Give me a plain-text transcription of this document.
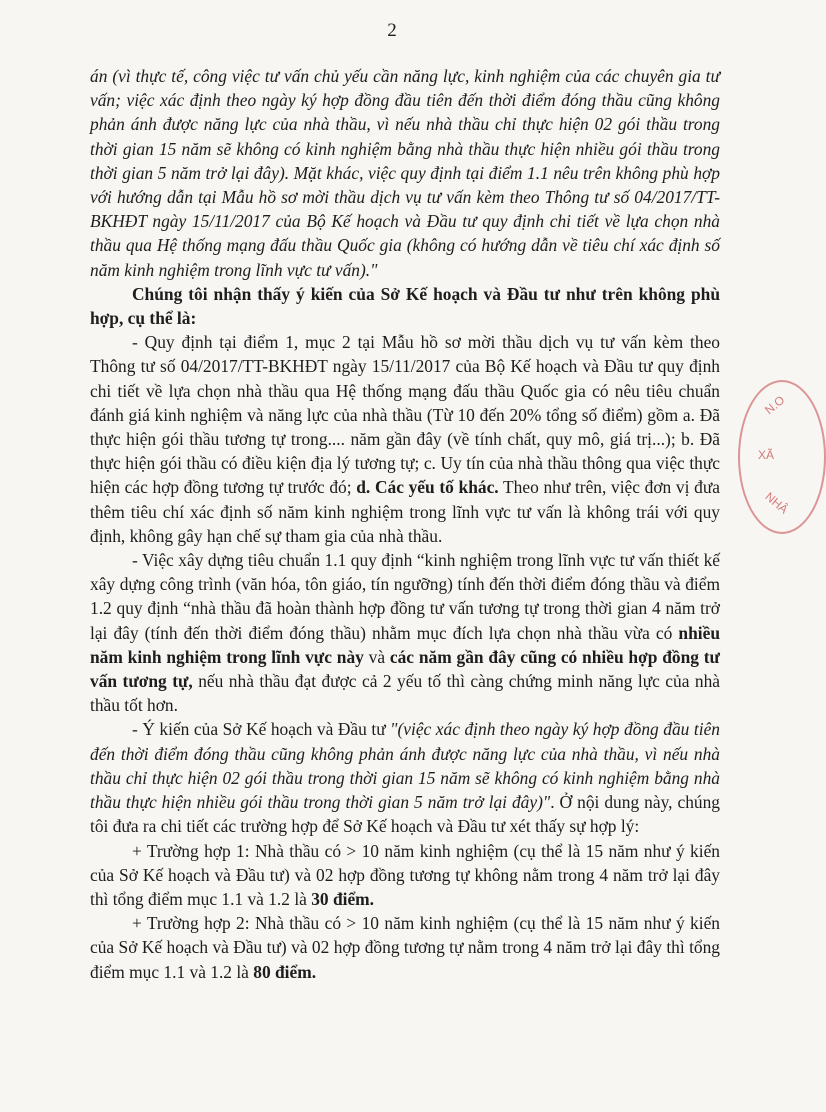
2

án (vì thực tế, công việc tư vấn chủ yếu cần năng lực, kinh nghiệm của các chuyên gia tư vấn; việc xác định theo ngày ký hợp đồng đầu tiên đến thời điểm đóng thầu cũng không phản ánh được năng lực của nhà thầu, vì nếu nhà thầu chỉ thực hiện 02 gói thầu trong thời gian 15 năm sẽ không có kinh nghiệm bằng nhà thầu thực hiện nhiều gói thầu trong thời gian 5 năm trở lại đây). Mặt khác, việc quy định tại điểm 1.1 nêu trên không phù hợp với hướng dẫn tại Mẫu hồ sơ mời thầu dịch vụ tư vấn kèm theo Thông tư số 04/2017/TT-BKHĐT ngày 15/11/2017 của Bộ Kế hoạch và Đầu tư quy định chi tiết về lựa chọn nhà thầu qua Hệ thống mạng đấu thầu Quốc gia (không có hướng dẫn về tiêu chí xác định số năm kinh nghiệm trong lĩnh vực tư vấn)."

Chúng tôi nhận thấy ý kiến của Sở Kế hoạch và Đầu tư như trên không phù hợp, cụ thể là:

- Quy định tại điểm 1, mục 2 tại Mẫu hồ sơ mời thầu dịch vụ tư vấn kèm theo Thông tư số 04/2017/TT-BKHĐT ngày 15/11/2017 của Bộ Kế hoạch và Đầu tư quy định chi tiết về lựa chọn nhà thầu qua Hệ thống mạng đấu thầu Quốc gia có nêu tiêu chuẩn đánh giá kinh nghiệm và năng lực của nhà thầu (Từ 10 đến 20% tổng số điểm) gồm a. Đã thực hiện gói thầu tương tự trong.... năm gần đây (về tính chất, quy mô, giá trị...); b. Đã thực hiện gói thầu có điều kiện địa lý tương tự; c. Uy tín của nhà thầu thông qua việc thực hiện các hợp đồng tương tự trước đó; d. Các yếu tố khác. Theo như trên, việc đơn vị đưa thêm tiêu chí xác định số năm kinh nghiệm trong lĩnh vực tư vấn là không trái với quy định, không gây hạn chế sự tham gia của nhà thầu.

- Việc xây dựng tiêu chuẩn 1.1 quy định “kinh nghiệm trong lĩnh vực tư vấn thiết kế xây dựng công trình (văn hóa, tôn giáo, tín ngưỡng) tính đến thời điểm đóng thầu và điểm 1.2 quy định “nhà thầu đã hoàn thành hợp đồng tư vấn tương tự trong thời gian 4 năm trở lại đây (tính đến thời điểm đóng thầu) nhằm mục đích lựa chọn nhà thầu vừa có nhiều năm kinh nghiệm trong lĩnh vực này và các năm gần đây cũng có nhiều hợp đồng tư vấn tương tự, nếu nhà thầu đạt được cả 2 yếu tố thì càng chứng minh năng lực của nhà thầu tốt hơn.

- Ý kiến của Sở Kế hoạch và Đầu tư "(việc xác định theo ngày ký hợp đồng đầu tiên đến thời điểm đóng thầu cũng không phản ánh được năng lực của nhà thầu, vì nếu nhà thầu chỉ thực hiện 02 gói thầu trong thời gian 15 năm sẽ không có kinh nghiệm bằng nhà thầu thực hiện nhiều gói thầu trong thời gian 5 năm trở lại đây)". Ở nội dung này, chúng tôi đưa ra chi tiết các trường hợp để Sở Kế hoạch và Đầu tư xét thấy sự hợp lý:

+ Trường hợp 1: Nhà thầu có > 10 năm kinh nghiệm (cụ thể là 15 năm như ý kiến của Sở Kế hoạch và Đầu tư) và 02 hợp đồng tương tự không nằm trong 4 năm trở lại đây thì tổng điểm mục 1.1 và 1.2 là 30 điểm.

+ Trường hợp 2: Nhà thầu có > 10 năm kinh nghiệm (cụ thể là 15 năm như ý kiến của Sở Kế hoạch và Đầu tư) và 02 hợp đồng tương tự nằm trong 4 năm trở lại đây thì tổng điểm mục 1.1 và 1.2 là 80 điểm.

N.O
XÃ
NHÂ
